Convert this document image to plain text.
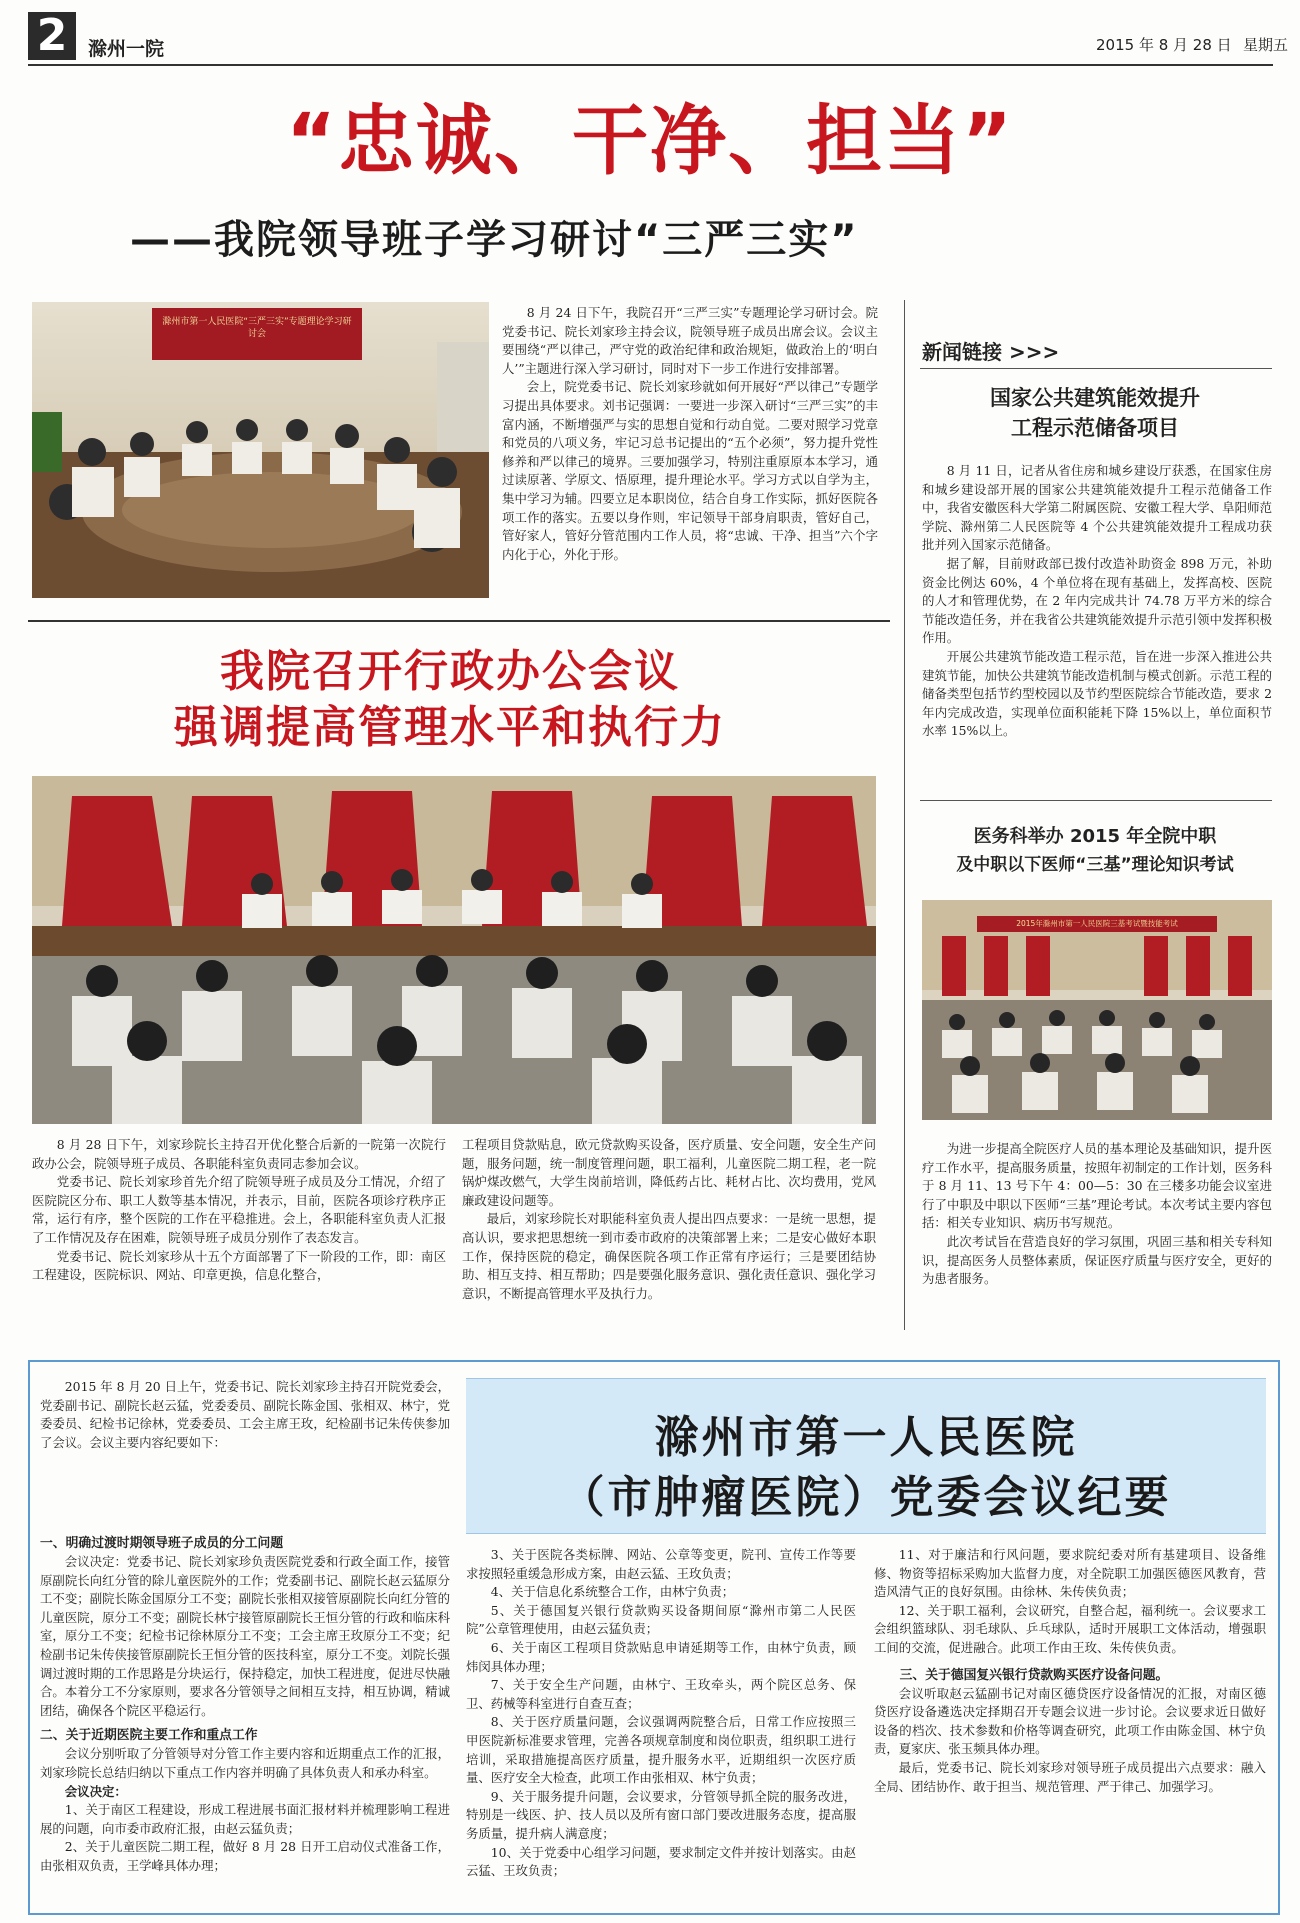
2	滁州一院	2015 年 8 月 28 日 星期五
“忠诚、干净、担当”
——我院领导班子学习研讨“三严三实”
滁州市第一人民医院“三严三实”专题理论学习研讨会

8 月 24 日下午，我院召开“三严三实”专题理论学习研讨会。院党委书记、院长刘家珍主持会议，院领导班子成员出席会议。会议主要围绕“严以律己，严守党的政治纪律和政治规矩，做政治上的‘明白人’”主题进行深入学习研讨，同时对下一步工作进行安排部署。

会上，院党委书记、院长刘家珍就如何开展好“严以律己”专题学习提出具体要求。刘书记强调：一要进一步深入研讨“三严三实”的丰富内涵，不断增强严与实的思想自觉和行动自觉。二要对照学习党章和党员的八项义务，牢记习总书记提出的“五个必须”，努力提升党性修养和严以律己的境界。三要加强学习，特别注重原原本本学习，通过读原著、学原文、悟原理，提升理论水平。学习方式以自学为主，集中学习为辅。四要立足本职岗位，结合自身工作实际，抓好医院各项工作的落实。五要以身作则，牢记领导干部身肩职责，管好自己，管好家人，管好分管范围内工作人员，将“忠诚、干净、担当”六个字内化于心，外化于形。

我院召开行政办公会议
强调提高管理水平和执行力

8 月 28 日下午，刘家珍院长主持召开优化整合后新的一院第一次院行政办公会，院领导班子成员、各职能科室负责同志参加会议。

党委书记、院长刘家珍首先介绍了院领导班子成员及分工情况，介绍了医院院区分布、职工人数等基本情况，并表示，目前，医院各项诊疗秩序正常，运行有序，整个医院的工作在平稳推进。会上，各职能科室负责人汇报了工作情况及存在困难，院领导班子成员分别作了表态发言。

党委书记、院长刘家珍从十五个方面部署了下一阶段的工作，即：南区工程建设，医院标识、网站、印章更换，信息化整合，

工程项目贷款贴息，欧元贷款购买设备，医疗质量、安全问题，安全生产问题，服务问题，统一制度管理问题，职工福利，儿童医院二期工程，老一院锅炉煤改燃气，大学生岗前培训，降低药占比、耗材占比、次均费用，党风廉政建设问题等。

最后，刘家珍院长对职能科室负责人提出四点要求：一是统一思想，提高认识，要求把思想统一到市委市政府的决策部署上来；二是安心做好本职工作，保持医院的稳定，确保医院各项工作正常有序运行；三是要团结协助、相互支持、相互帮助；四是要强化服务意识、强化责任意识、强化学习意识，不断提高管理水平及执行力。

新闻链接 >>>
国家公共建筑能效提升
工程示范储备项目

8 月 11 日，记者从省住房和城乡建设厅获悉，在国家住房和城乡建设部开展的国家公共建筑能效提升工程示范储备工作中，我省安徽医科大学第二附属医院、安徽工程大学、阜阳师范学院、滁州第二人民医院等 4 个公共建筑能效提升工程成功获批并列入国家示范储备。

据了解，目前财政部已拨付改造补助资金 898 万元，补助资金比例达 60%，4 个单位将在现有基础上，发挥高校、医院的人才和管理优势，在 2 年内完成共计 74.78 万平方米的综合节能改造任务，并在我省公共建筑能效提升示范引领中发挥积极作用。

开展公共建筑节能改造工程示范，旨在进一步深入推进公共建筑节能，加快公共建筑节能改造机制与模式创新。示范工程的储备类型包括节约型校园以及节约型医院综合节能改造，要求 2 年内完成改造，实现单位面积能耗下降 15%以上，单位面积节水率 15%以上。

医务科举办 2015 年全院中职
及中职以下医师“三基”理论知识考试
2015年滁州市第一人民医院三基考试暨技能考试

为进一步提高全院医疗人员的基本理论及基础知识，提升医疗工作水平，提高服务质量，按照年初制定的工作计划，医务科于 8 月 11、13 号下午 4：00—5：30 在三楼多功能会议室进行了中职及中职以下医师“三基”理论考试。本次考试主要内容包括：相关专业知识、病历书写规范。

此次考试旨在营造良好的学习氛围，巩固三基和相关专科知识，提高医务人员整体素质，保证医疗质量与医疗安全，更好的为患者服务。

2015 年 8 月 20 日上午，党委书记、院长刘家珍主持召开院党委会，党委副书记、副院长赵云猛，党委委员、副院长陈金国、张相双、林宁，党委委员、纪检书记徐林，党委委员、工会主席王玫，纪检副书记朱传侠参加了会议。会议主要内容纪要如下：	滁州市第一人民医院
（市肿瘤医院）党委会议纪要
一、明确过渡时期领导班子成员的分工问题

会议决定：党委书记、院长刘家珍负责医院党委和行政全面工作，接管原副院长向红分管的除儿童医院外的工作；党委副书记、副院长赵云猛原分工不变；副院长陈金国原分工不变；副院长张相双接管原副院长向红分管的儿童医院，原分工不变；副院长林宁接管原副院长王恒分管的行政和临床科室，原分工不变；纪检书记徐林原分工不变；工会主席王玫原分工不变；纪检副书记朱传侠接管原副院长王恒分管的医技科室，原分工不变。刘院长强调过渡时期的工作思路是分块运行，保持稳定，加快工程进度，促进尽快融合。本着分工不分家原则，要求各分管领导之间相互支持，相互协调，精诚团结，确保各个院区平稳运行。

二、关于近期医院主要工作和重点工作

会议分别听取了分管领导对分管工作主要内容和近期重点工作的汇报，刘家珍院长总结归纳以下重点工作内容并明确了具体负责人和承办科室。

会议决定：

1、关于南区工程建设，形成工程进展书面汇报材料并梳理影响工程进展的问题，向市委市政府汇报，由赵云猛负责；

2、关于儿童医院二期工程，做好 8 月 28 日开工启动仪式准备工作，由张相双负责，王学峰具体办理；

3、关于医院各类标牌、网站、公章等变更，院刊、宣传工作等要求按照轻重缓急形成方案，由赵云猛、王玫负责；

4、关于信息化系统整合工作，由林宁负责；

5、关于德国复兴银行贷款购买设备期间原“滁州市第二人民医院”公章管理使用，由赵云猛负责；

6、关于南区工程项目贷款贴息申请延期等工作，由林宁负责，顾炜闵具体办理；

7、关于安全生产问题，由林宁、王玫牵头，两个院区总务、保卫、药械等科室进行自查互查；

8、关于医疗质量问题，会议强调两院整合后，日常工作应按照三甲医院新标准要求管理，完善各项规章制度和岗位职责，组织职工进行培训，采取措施提高医疗质量，提升服务水平，近期组织一次医疗质量、医疗安全大检查，此项工作由张相双、林宁负责；

9、关于服务提升问题，会议要求，分管领导抓全院的服务改进，特别是一线医、护、技人员以及所有窗口部门要改进服务态度，提高服务质量，提升病人满意度；

10、关于党委中心组学习问题，要求制定文件并按计划落实。由赵云猛、王玫负责；

11、对于廉洁和行风问题，要求院纪委对所有基建项目、设备维修、物资等招标采购加大监督力度，对全院职工加强医德医风教育，营造风清气正的良好氛围。由徐林、朱传侠负责；

12、关于职工福利，会议研究，自整合起，福利统一。会议要求工会组织篮球队、羽毛球队、乒乓球队，适时开展职工文体活动，增强职工间的交流，促进融合。此项工作由王玫、朱传侠负责。

三、关于德国复兴银行贷款购买医疗设备问题。

会议听取赵云猛副书记对南区德贷医疗设备情况的汇报，对南区德贷医疗设备遴选决定择期召开专题会议进一步讨论。会议要求近日做好设备的档次、技术参数和价格等调查研究，此项工作由陈金国、林宁负责，夏家庆、张玉频具体办理。

最后，党委书记、院长刘家珍对领导班子成员提出六点要求：融入全局、团结协作、敢于担当、规范管理、严于律己、加强学习。
